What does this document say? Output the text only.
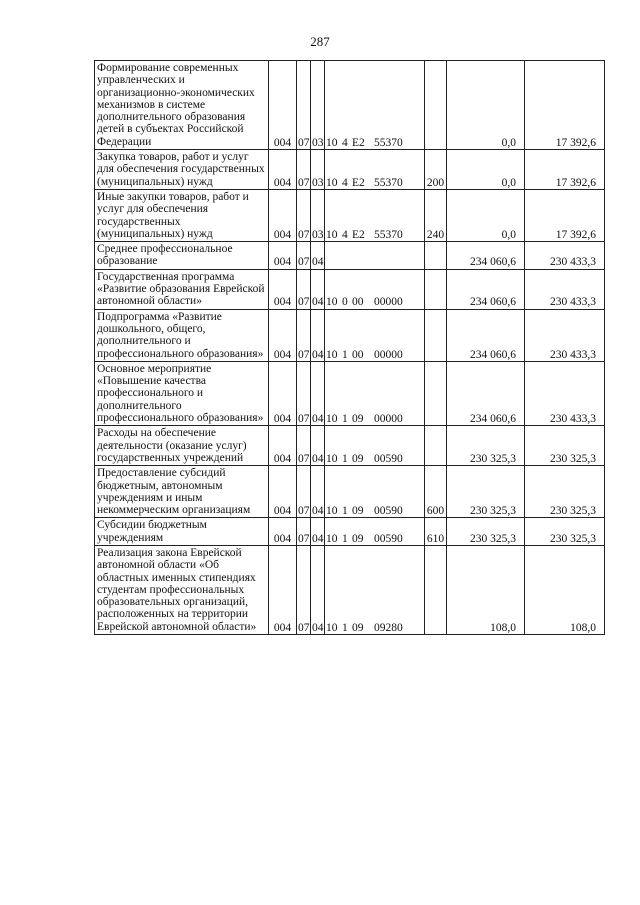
287
Формирование современных управленческих и организационно-экономических механизмов в системе дополнительного образования детей в субъектах Российской Федерации	004	07	03	10 4 E2 55370		0,0	17 392,6

Закупка товаров, работ и услуг для обеспечения государственных (муниципальных) нужд	004	07	03	10 4 E2 55370	200	0,0	17 392,6

Иные закупки товаров, работ и услуг для обеспечения государственных (муниципальных) нужд	004	07	03	10 4 E2 55370	240	0,0	17 392,6

Среднее профессиональное образование	004	07	04			234 060,6	230 433,3

Государственная программа «Развитие образования Еврейской автономной области»	004	07	04	10 0 00 00000		234 060,6	230 433,3

Подпрограмма «Развитие дошкольного, общего, дополнительного и профессионального образования»	004	07	04	10 1 00 00000		234 060,6	230 433,3

Основное мероприятие «Повышение качества профессионального и дополнительного профессионального образования»	004	07	04	10 1 09 00000		234 060,6	230 433,3

Расходы на обеспечение деятельности (оказание услуг) государственных учреждений	004	07	04	10 1 09 00590		230 325,3	230 325,3

Предоставление субсидий бюджетным, автономным учреждениям и иным некоммерческим организациям	004	07	04	10 1 09 00590	600	230 325,3	230 325,3

Субсидии бюджетным учреждениям	004	07	04	10 1 09 00590	610	230 325,3	230 325,3

Реализация закона Еврейской автономной области «Об областных именных стипендиях студентам профессиональных образовательных организаций, расположенных на территории Еврейской автономной области»	004	07	04	10 1 09 09280		108,0	108,0
